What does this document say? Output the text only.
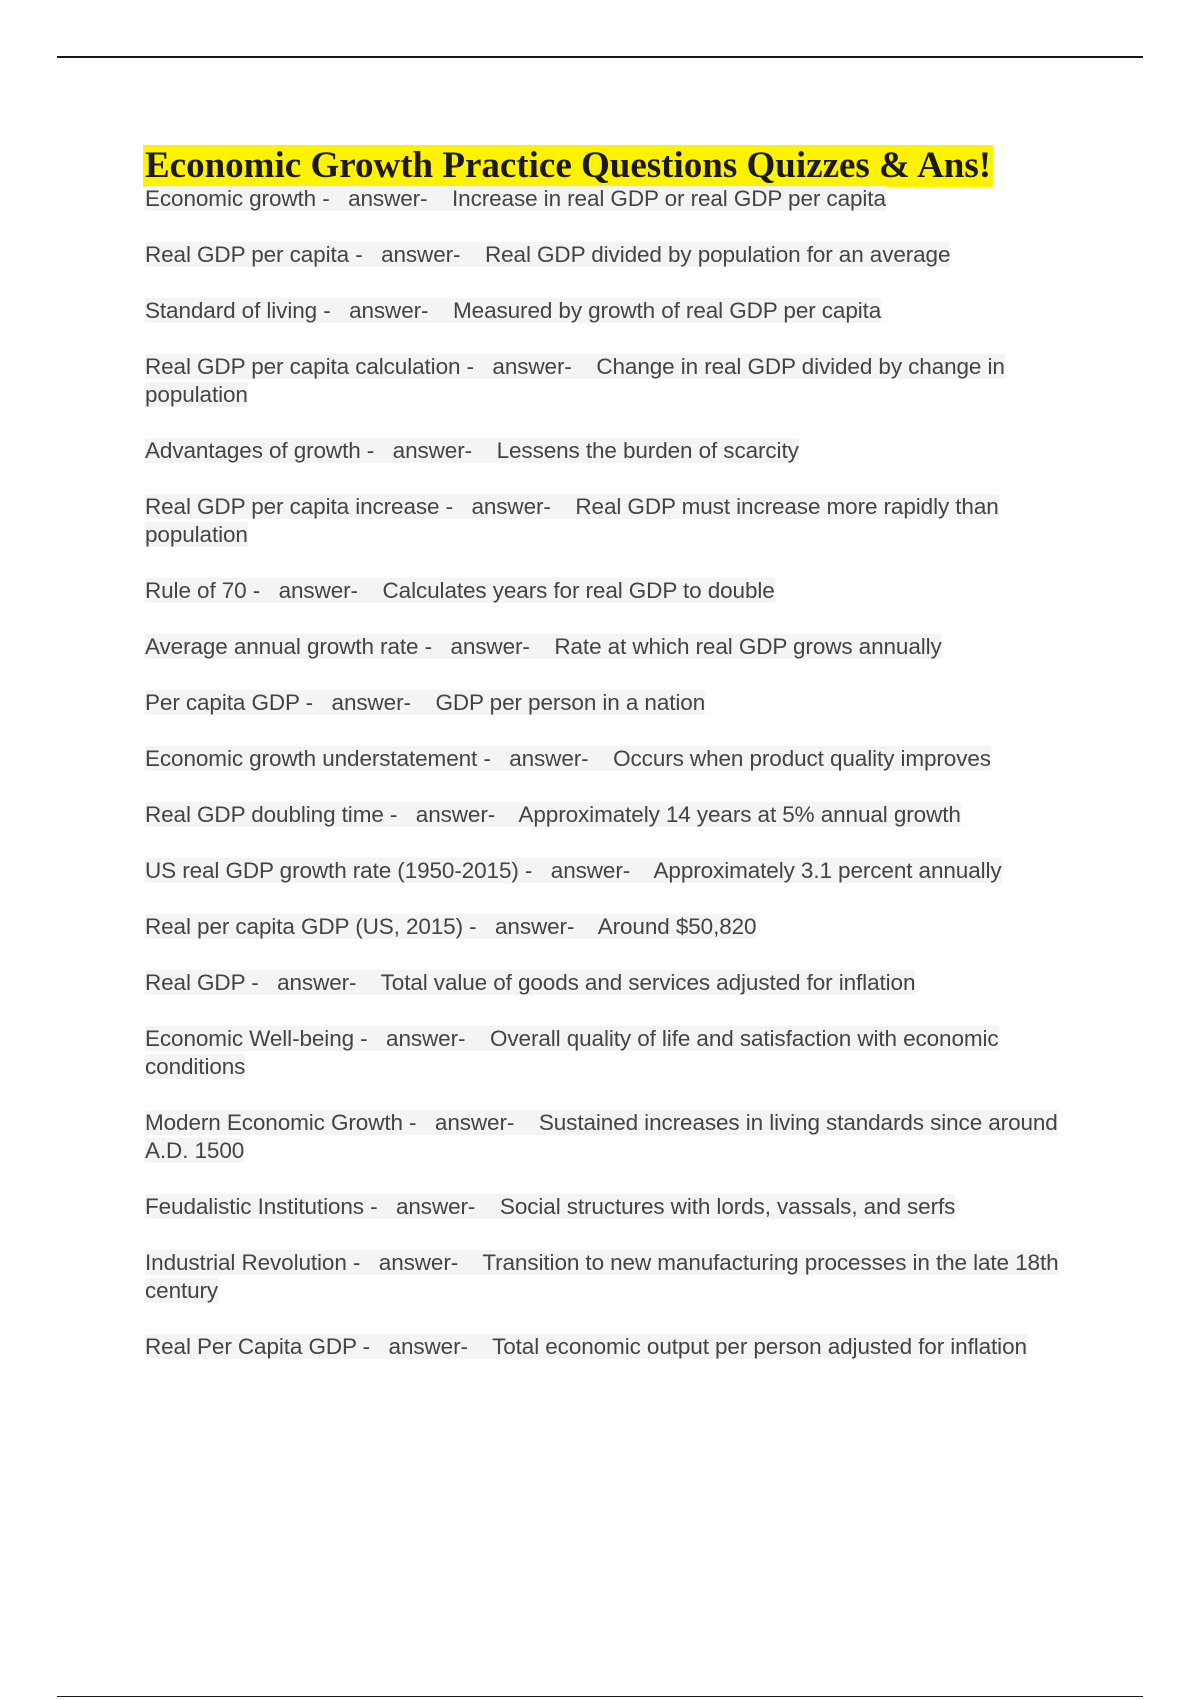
Economic Growth Practice Questions Quizzes & Ans!
Economic growth - answer- Increase in real GDP or real GDP per capita
Real GDP per capita - answer- Real GDP divided by population for an average
Standard of living - answer- Measured by growth of real GDP per capita
Real GDP per capita calculation - answer- Change in real GDP divided by change in population
Advantages of growth - answer- Lessens the burden of scarcity
Real GDP per capita increase - answer- Real GDP must increase more rapidly than population
Rule of 70 - answer- Calculates years for real GDP to double
Average annual growth rate - answer- Rate at which real GDP grows annually
Per capita GDP - answer- GDP per person in a nation
Economic growth understatement - answer- Occurs when product quality improves
Real GDP doubling time - answer- Approximately 14 years at 5% annual growth
US real GDP growth rate (1950-2015) - answer- Approximately 3.1 percent annually
Real per capita GDP (US, 2015) - answer- Around $50,820
Real GDP - answer- Total value of goods and services adjusted for inflation
Economic Well-being - answer- Overall quality of life and satisfaction with economic conditions
Modern Economic Growth - answer- Sustained increases in living standards since around A.D. 1500
Feudalistic Institutions - answer- Social structures with lords, vassals, and serfs
Industrial Revolution - answer- Transition to new manufacturing processes in the late 18th century
Real Per Capita GDP - answer- Total economic output per person adjusted for inflation
